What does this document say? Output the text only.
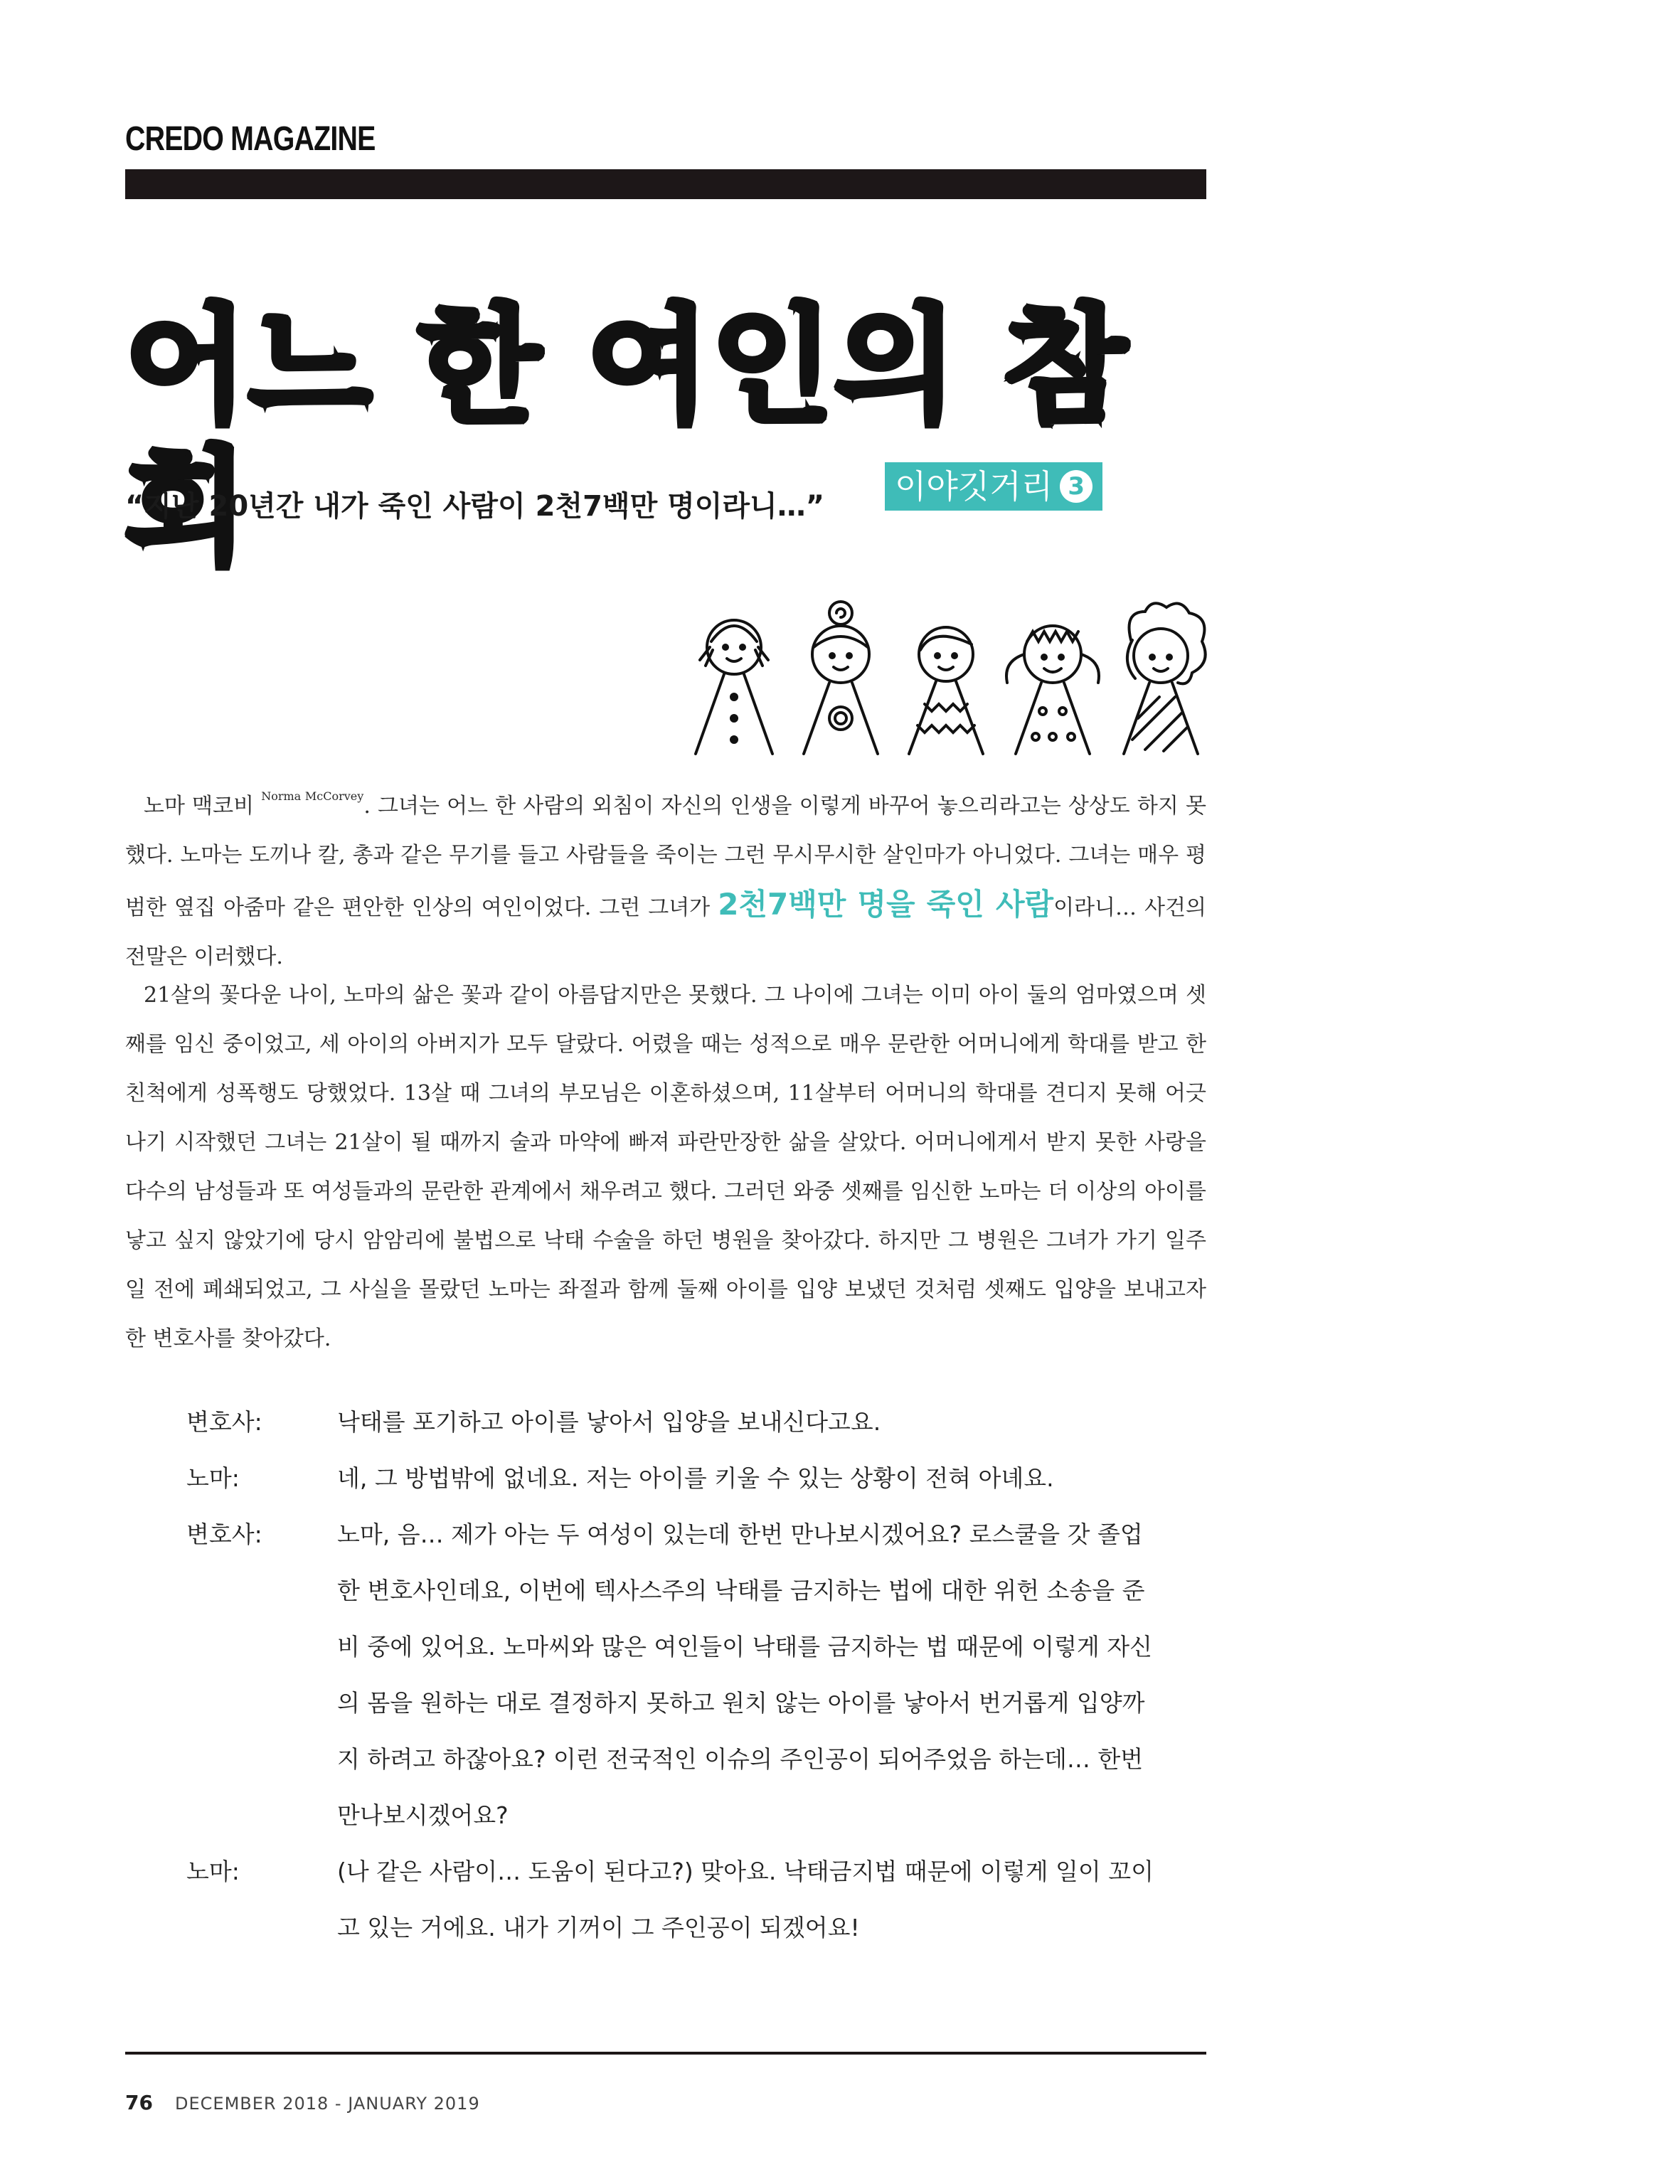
CREDO MAGAZINE
어느 한 여인의 참회
“지난 20년간 내가 죽인 사람이 2천7백만 명이라니…”
이야깃거리 3

노마 맥코비 $^{Norma McCorvey}$. 그녀는 어느 한 사람의 외침이 자신의 인생을 이렇게 바꾸어 놓으리라고는 상상도 하지 못했다. 노마는 도끼나 칼, 총과 같은 무기를 들고 사람들을 죽이는 그런 무시무시한 살인마가 아니었다. 그녀는 매우 평범한 옆집 아줌마 같은 편안한 인상의 여인이었다. 그런 그녀가 2천7백만 명을 죽인 사람이라니… 사건의 전말은 이러했다.

21살의 꽃다운 나이, 노마의 삶은 꽃과 같이 아름답지만은 못했다. 그 나이에 그녀는 이미 아이 둘의 엄마였으며 셋째를 임신 중이었고, 세 아이의 아버지가 모두 달랐다. 어렸을 때는 성적으로 매우 문란한 어머니에게 학대를 받고 한 친척에게 성폭행도 당했었다. 13살 때 그녀의 부모님은 이혼하셨으며, 11살부터 어머니의 학대를 견디지 못해 어긋나기 시작했던 그녀는 21살이 될 때까지 술과 마약에 빠져 파란만장한 삶을 살았다. 어머니에게서 받지 못한 사랑을 다수의 남성들과 또 여성들과의 문란한 관계에서 채우려고 했다. 그러던 와중 셋째를 임신한 노마는 더 이상의 아이를 낳고 싶지 않았기에 당시 암암리에 불법으로 낙태 수술을 하던 병원을 찾아갔다. 하지만 그 병원은 그녀가 가기 일주일 전에 폐쇄되었고, 그 사실을 몰랐던 노마는 좌절과 함께 둘째 아이를 입양 보냈던 것처럼 셋째도 입양을 보내고자 한 변호사를 찾아갔다.

변호사:	낙태를 포기하고 아이를 낳아서 입양을 보내신다고요.
노마:	네, 그 방법밖에 없네요. 저는 아이를 키울 수 있는 상황이 전혀 아녜요.
변호사:	노마, 음… 제가 아는 두 여성이 있는데 한번 만나보시겠어요? 로스쿨을 갓 졸업
한 변호사인데요, 이번에 텍사스주의 낙태를 금지하는 법에 대한 위헌 소송을 준
비 중에 있어요. 노마씨와 많은 여인들이 낙태를 금지하는 법 때문에 이렇게 자신
의 몸을 원하는 대로 결정하지 못하고 원치 않는 아이를 낳아서 번거롭게 입양까
지 하려고 하잖아요? 이런 전국적인 이슈의 주인공이 되어주었음 하는데… 한번
만나보시겠어요?
노마:	(나 같은 사람이… 도움이 된다고?) 맞아요. 낙태금지법 때문에 이렇게 일이 꼬이
고 있는 거에요. 내가 기꺼이 그 주인공이 되겠어요!
76 DECEMBER 2018 - JANUARY 2019
